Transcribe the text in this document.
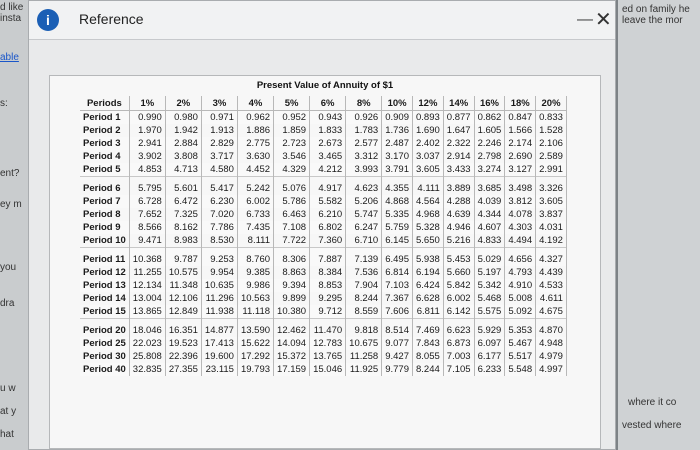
d like
insta
able
s:
ent?
ey m
you
dra
u w
at y
hat
ed on family he
leave the mor
where it co
vested where
i	Reference	— ✕
Present Value of Annuity of $1
Periods	1%	2%	3%	4%	5%	6%	8%	10%	12%	14%	16%	18%	20%
Period 1	0.990	0.980	0.971	0.962	0.952	0.943	0.926	0.909	0.893	0.877	0.862	0.847	0.833
Period 2	1.970	1.942	1.913	1.886	1.859	1.833	1.783	1.736	1.690	1.647	1.605	1.566	1.528
Period 3	2.941	2.884	2.829	2.775	2.723	2.673	2.577	2.487	2.402	2.322	2.246	2.174	2.106
Period 4	3.902	3.808	3.717	3.630	3.546	3.465	3.312	3.170	3.037	2.914	2.798	2.690	2.589
Period 5	4.853	4.713	4.580	4.452	4.329	4.212	3.993	3.791	3.605	3.433	3.274	3.127	2.991
Period 6	5.795	5.601	5.417	5.242	5.076	4.917	4.623	4.355	4.111	3.889	3.685	3.498	3.326
Period 7	6.728	6.472	6.230	6.002	5.786	5.582	5.206	4.868	4.564	4.288	4.039	3.812	3.605
Period 8	7.652	7.325	7.020	6.733	6.463	6.210	5.747	5.335	4.968	4.639	4.344	4.078	3.837
Period 9	8.566	8.162	7.786	7.435	7.108	6.802	6.247	5.759	5.328	4.946	4.607	4.303	4.031
Period 10	9.471	8.983	8.530	8.111	7.722	7.360	6.710	6.145	5.650	5.216	4.833	4.494	4.192
Period 11	10.368	9.787	9.253	8.760	8.306	7.887	7.139	6.495	5.938	5.453	5.029	4.656	4.327
Period 12	11.255	10.575	9.954	9.385	8.863	8.384	7.536	6.814	6.194	5.660	5.197	4.793	4.439
Period 13	12.134	11.348	10.635	9.986	9.394	8.853	7.904	7.103	6.424	5.842	5.342	4.910	4.533
Period 14	13.004	12.106	11.296	10.563	9.899	9.295	8.244	7.367	6.628	6.002	5.468	5.008	4.611
Period 15	13.865	12.849	11.938	11.118	10.380	9.712	8.559	7.606	6.811	6.142	5.575	5.092	4.675
Period 20	18.046	16.351	14.877	13.590	12.462	11.470	9.818	8.514	7.469	6.623	5.929	5.353	4.870
Period 25	22.023	19.523	17.413	15.622	14.094	12.783	10.675	9.077	7.843	6.873	6.097	5.467	4.948
Period 30	25.808	22.396	19.600	17.292	15.372	13.765	11.258	9.427	8.055	7.003	6.177	5.517	4.979
Period 40	32.835	27.355	23.115	19.793	17.159	15.046	11.925	9.779	8.244	7.105	6.233	5.548	4.997
